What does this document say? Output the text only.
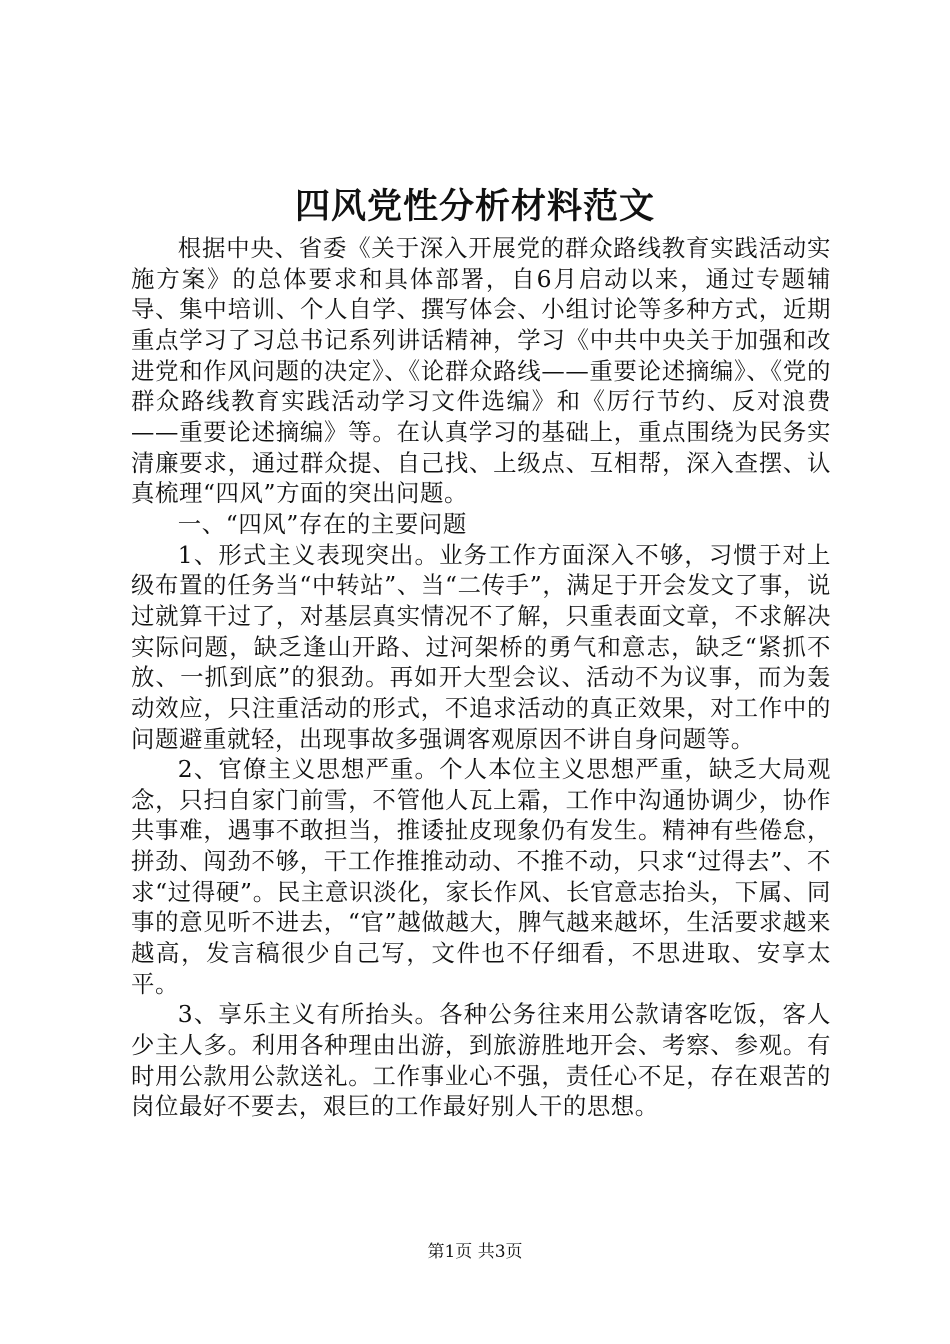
四风党性分析材料范文

根据中央、省委《关于深入开展党的群众路线教育实践活动实施方案》的总体要求和具体部署，自6月启动以来，通过专题辅导、集中培训、个人自学、撰写体会、小组讨论等多种方式，近期重点学习了习总书记系列讲话精神，学习《中共中央关于加强和改进党和作风问题的决定》、《论群众路线——重要论述摘编》、《党的群众路线教育实践活动学习文件选编》和《厉行节约、反对浪费——重要论述摘编》等。在认真学习的基础上，重点围绕为民务实清廉要求，通过群众提、自己找、上级点、互相帮，深入查摆、认真梳理“四风”方面的突出问题。

一、“四风”存在的主要问题

1、形式主义表现突出。业务工作方面深入不够，习惯于对上级布置的任务当“中转站”、当“二传手”，满足于开会发文了事，说过就算干过了，对基层真实情况不了解，只重表面文章，不求解决实际问题，缺乏逢山开路、过河架桥的勇气和意志，缺乏“紧抓不放、一抓到底”的狠劲。再如开大型会议、活动不为议事，而为轰动效应，只注重活动的形式，不追求活动的真正效果，对工作中的问题避重就轻，出现事故多强调客观原因不讲自身问题等。

2、官僚主义思想严重。个人本位主义思想严重，缺乏大局观念，只扫自家门前雪，不管他人瓦上霜，工作中沟通协调少，协作共事难，遇事不敢担当，推诿扯皮现象仍有发生。精神有些倦怠，拼劲、闯劲不够，干工作推推动动、不推不动，只求“过得去”、不求“过得硬”。民主意识淡化，家长作风、长官意志抬头，下属、同事的意见听不进去，“官”越做越大，脾气越来越坏，生活要求越来越高，发言稿很少自己写，文件也不仔细看，不思进取、安享太平。

3、享乐主义有所抬头。各种公务往来用公款请客吃饭，客人少主人多。利用各种理由出游，到旅游胜地开会、考察、参观。有时用公款用公款送礼。工作事业心不强，责任心不足，存在艰苦的岗位最好不要去，艰巨的工作最好别人干的思想。

第1页 共3页
